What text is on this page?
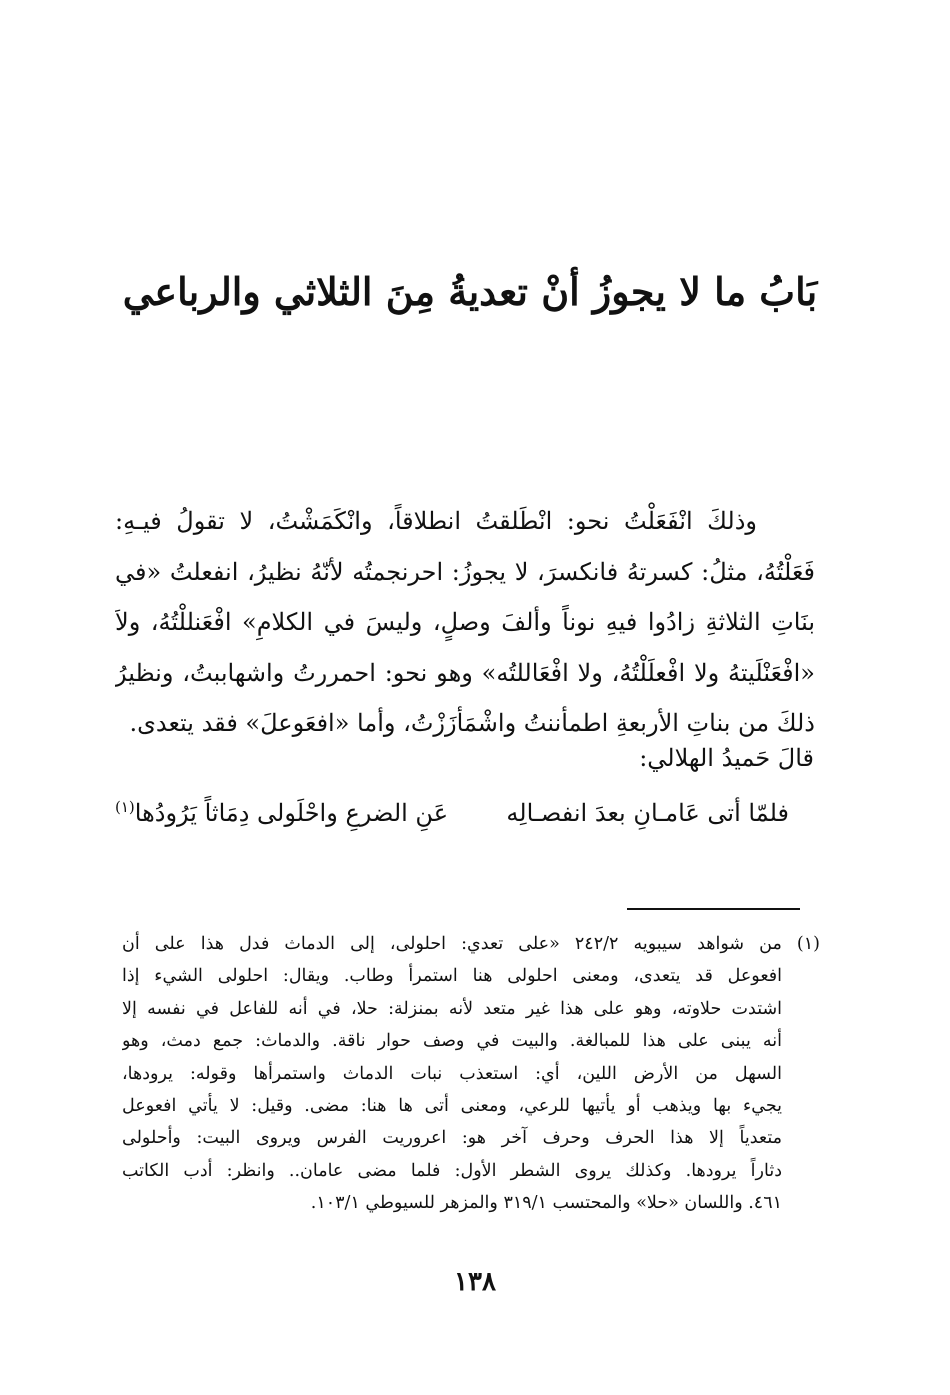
بَابُ ما لا يجوزُ أنْ تعديةُ مِنَ الثلاثي والرباعي
وذلكَ انْفَعَلْتُ نحو: انْطَلقتُ انطلاقاً، وانْكَمَشْتُ، لا تقولُ فيـهِ:
فَعَلْتُهُ، مثلُ: كسرتهُ فانكسرَ، لا يجوزُ: احرنجمتُه لأنّهُ نظيرُ، انفعلتُ «في
بنَاتِ الثلاثةِ زادُوا فيهِ نوناً وألفَ وصلٍ، وليسَ في الكلامِ» افْعَنللْتُهُ، ولاَ
«افْعَنْلَيتهُ ولا افْعلَلْتُهُ، ولا افْعَاللتُه» وهو نحو: احمررتُ واشهاببتُ، ونظيرُ
ذلكَ من بناتِ الأربعةِ اطمأننتُ واشْمَأزَزْتُ، وأما «افعَوعلَ» فقد يتعدى.
قالَ حَميدُ الهلالي:
فلمّا أتى عَامـانِ بعدَ انفصـالِه
عَنِ الضرعِ واحْلَولى دِمَاثاً يَرُودُها$^{(١)}$
(١) من شواهد سيبويه ٢٤٢/٢ «على تعدي: احلولى، إلى الدماث فدل هذا على أن
افعوعل قد يتعدى، ومعنى احلولى هنا استمرأ وطاب. ويقال: احلولى الشيء إذا
اشتدت حلاوته، وهو على هذا غير متعد لأنه بمنزلة: حلا، في أنه للفاعل في نفسه إلا
أنه يبنى على هذا للمبالغة. والبيت في وصف حوار ناقة. والدماث: جمع دمث، وهو
السهل من الأرض اللين، أي: استعذب نبات الدماث واستمرأها وقوله: يرودها،
يجيء بها ويذهب أو يأتيها للرعي، ومعنى أتى ها هنا: مضى. وقيل: لا يأتي افعوعل
متعدياً إلا هذا الحرف وحرف آخر هو: اعروريت الفرس ويروى البيت: وأحلولى
دثاراً يرودها. وكذلك يروى الشطر الأول: فلما مضى عامان.. وانظر: أدب الكاتب
٤٦١. واللسان «حلا» والمحتسب ٣١٩/١ والمزهر للسيوطي ١٠٣/١.
١٣٨
